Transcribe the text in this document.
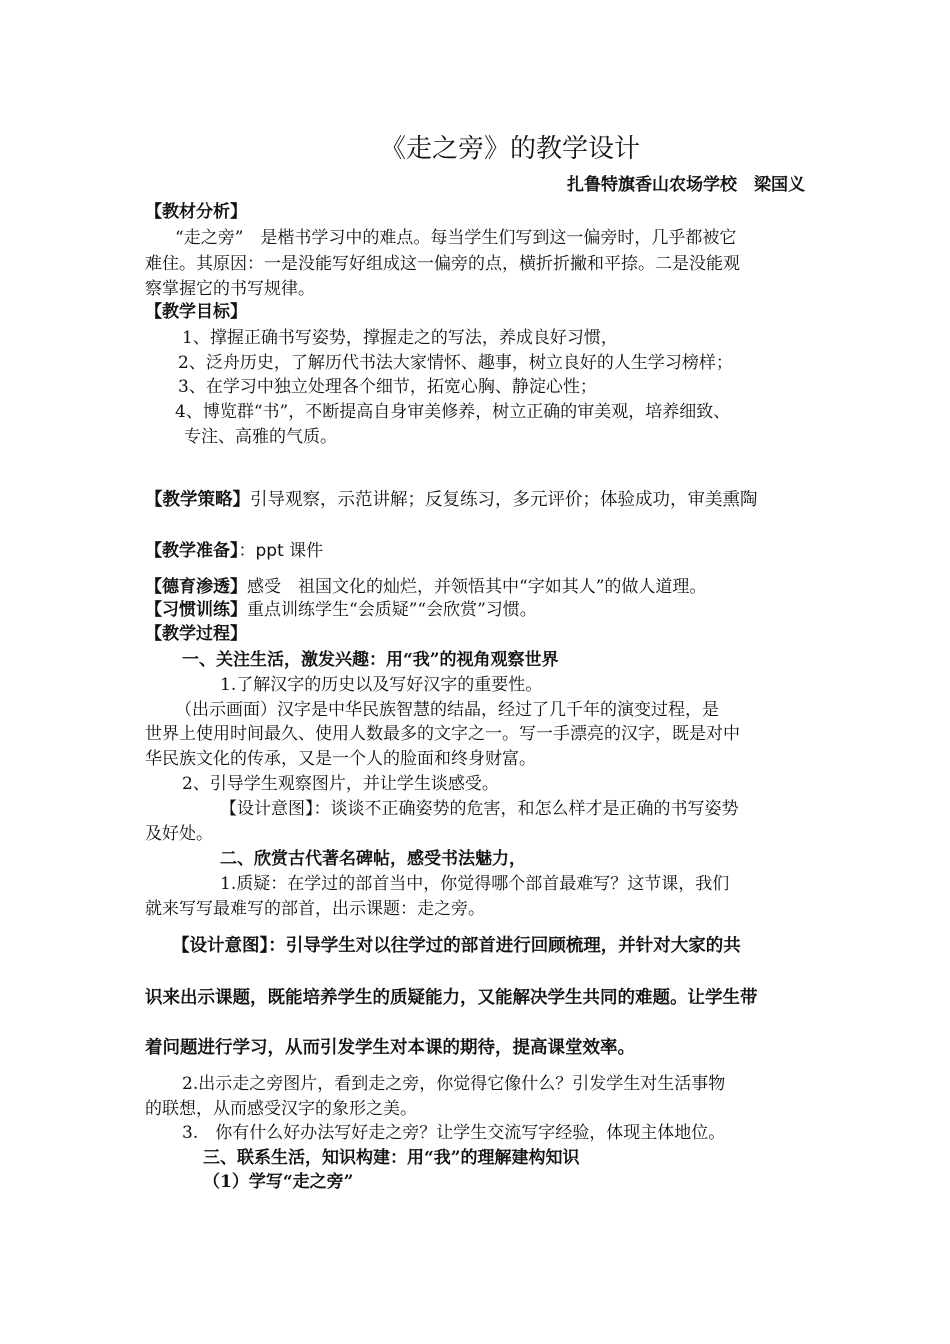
《走之旁》的教学设计
扎鲁特旗香山农场学校　梁国义
【教材分析】
“走之旁”　是楷书学习中的难点。每当学生们写到这一偏旁时，几乎都被它
难住。其原因：一是没能写好组成这一偏旁的点，横折折撇和平捺。二是没能观
察掌握它的书写规律。
【教学目标】
1、撑握正确书写姿势，撑握走之的写法，养成良好习惯，
2、泛舟历史，了解历代书法大家情怀、趣事，树立良好的人生学习榜样；
3、在学习中独立处理各个细节，拓宽心胸、静淀心性；
4、博览群“书”，不断提高自身审美修养，树立正确的审美观，培养细致、
专注、高雅的气质。
【教学策略】引导观察，示范讲解；反复练习，多元评价；体验成功，审美熏陶
【教学准备】：ppt 课件
【德育渗透】感受　祖国文化的灿烂，并领悟其中“字如其人”的做人道理。
【习惯训练】重点训练学生“会质疑”“会欣赏”习惯。
【教学过程】
一、关注生活，激发兴趣：用“我”的视角观察世界
1.了解汉字的历史以及写好汉字的重要性。
（出示画面）汉字是中华民族智慧的结晶，经过了几千年的演变过程，是
世界上使用时间最久、使用人数最多的文字之一。写一手漂亮的汉字，既是对中
华民族文化的传承，又是一个人的脸面和终身财富。
2、引导学生观察图片，并让学生谈感受。
【设计意图】：谈谈不正确姿势的危害，和怎么样才是正确的书写姿势
及好处。
二、欣赏古代著名碑帖，感受书法魅力，
1.质疑：在学过的部首当中，你觉得哪个部首最难写？这节课，我们
就来写写最难写的部首，出示课题：走之旁。
【设计意图】：引导学生对以往学过的部首进行回顾梳理，并针对大家的共
识来出示课题，既能培养学生的质疑能力，又能解决学生共同的难题。让学生带
着问题进行学习，从而引发学生对本课的期待，提高课堂效率。
2.出示走之旁图片，看到走之旁，你觉得它像什么？引发学生对生活事物
的联想，从而感受汉字的象形之美。
3.　你有什么好办法写好走之旁？让学生交流写字经验，体现主体地位。
三、联系生活，知识构建：用“我”的理解建构知识
（1）学写“走之旁”
